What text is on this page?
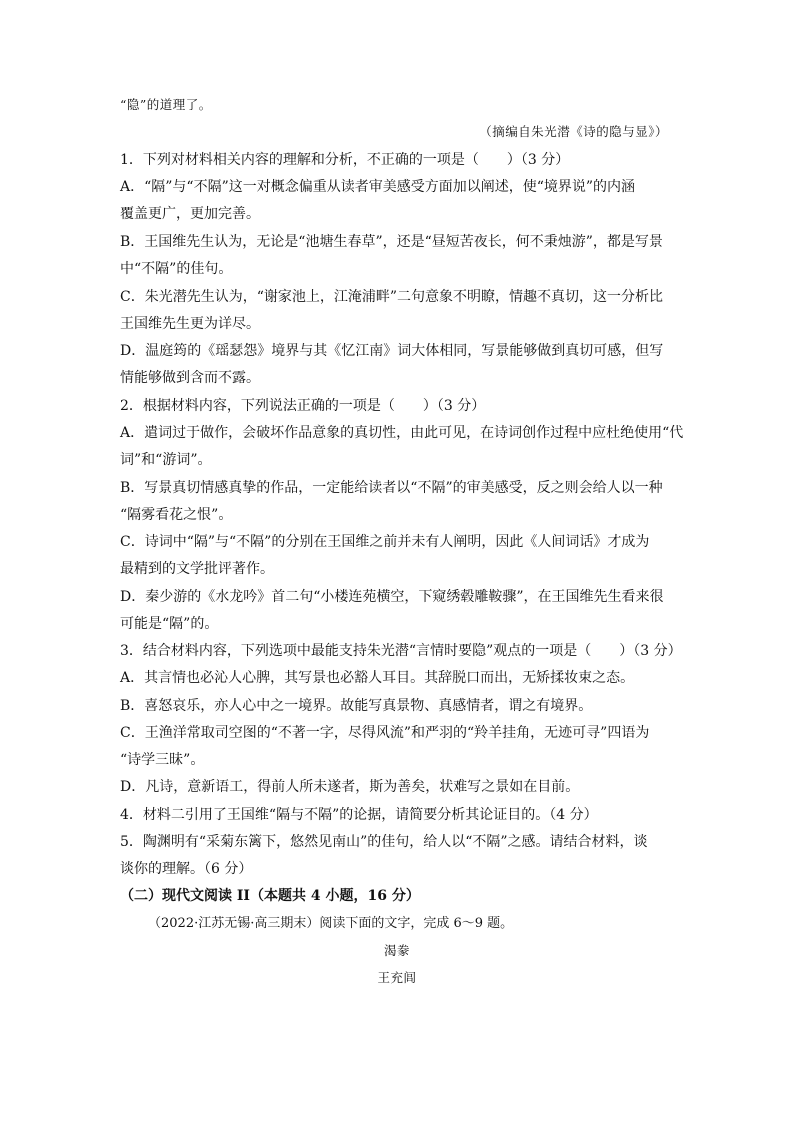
“隐”的道理了。
（摘编自朱光潜《诗的隐与显》）
1．下列对材料相关内容的理解和分析，不正确的一项是（　　）（3 分）
A．“隔”与“不隔”这一对概念偏重从读者审美感受方面加以阐述，使“境界说”的内涵
覆盖更广，更加完善。
B．王国维先生认为，无论是“池塘生春草”，还是“昼短苦夜长，何不秉烛游”，都是写景
中“不隔”的佳句。
C．朱光潜先生认为，“谢家池上，江淹浦畔”二句意象不明瞭，情趣不真切，这一分析比
王国维先生更为详尽。
D．温庭筠的《瑶瑟怨》境界与其《忆江南》词大体相同，写景能够做到真切可感，但写
情能够做到含而不露。
2．根据材料内容，下列说法正确的一项是（　　）（3 分）
A．遣词过于做作，会破坏作品意象的真切性，由此可见，在诗词创作过程中应杜绝使用“代
词”和“游词”。
B．写景真切情感真挚的作品，一定能给读者以“不隔”的审美感受，反之则会给人以一种
“隔雾看花之恨”。
C．诗词中“隔”与“不隔”的分别在王国维之前并未有人阐明，因此《人间词话》才成为
最精到的文学批评著作。
D．秦少游的《水龙吟》首二句“小楼连苑横空，下窥绣毂雕鞍骤”，在王国维先生看来很
可能是“隔”的。
3．结合材料内容，下列选项中最能支持朱光潜“言情时要隐”观点的一项是（　　）（3 分）
A．其言情也必沁人心脾，其写景也必豁人耳目。其辞脱口而出，无矫揉妆束之态。
B．喜怒哀乐，亦人心中之一境界。故能写真景物、真感情者，谓之有境界。
C．王渔洋常取司空图的“不著一字，尽得风流”和严羽的“羚羊挂角，无迹可寻”四语为
“诗学三昧”。
D．凡诗，意新语工，得前人所未遂者，斯为善矣，状难写之景如在目前。
4．材料二引用了王国维“隔与不隔”的论据，请简要分析其论证目的。（4 分）
5．陶渊明有“采菊东篱下，悠然见南山”的佳句，给人以“不隔”之感。请结合材料，谈
谈你的理解。（6 分）
（二）现代文阅读 II（本题共 4 小题，16 分）
（2022·江苏无锡·高三期末）阅读下面的文字，完成 6～9 题。
渴豢
王充闾
